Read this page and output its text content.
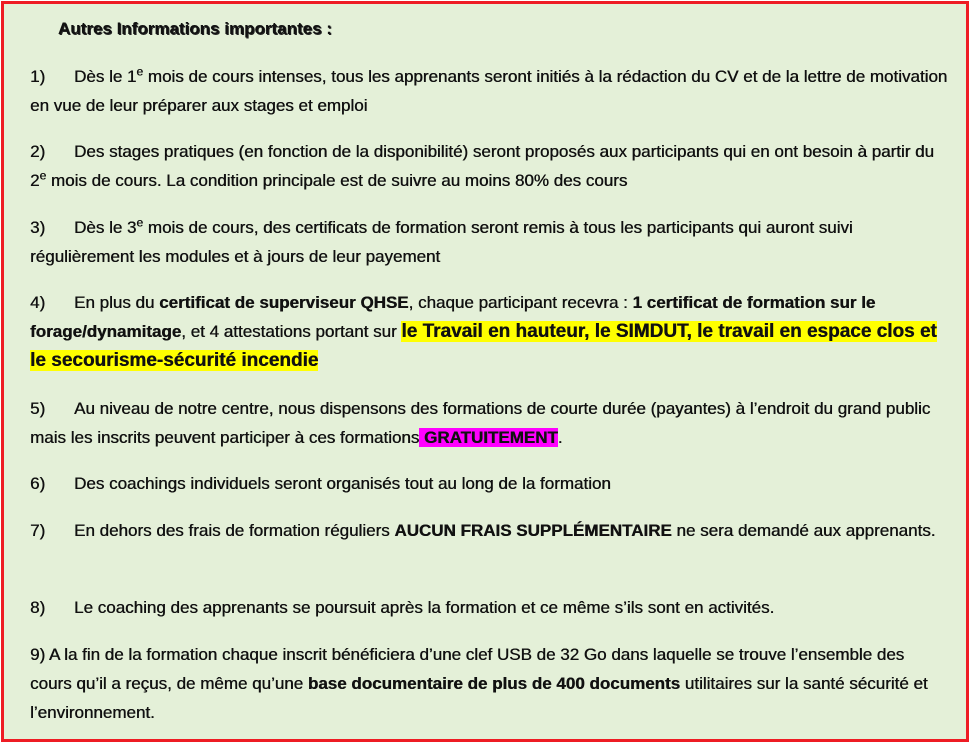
Autres Informations importantes :
1) Dès le 1e mois de cours intenses, tous les apprenants seront initiés à la rédaction du CV et de la lettre de motivation en vue de leur préparer aux stages et emploi
2) Des stages pratiques (en fonction de la disponibilité) seront proposés aux participants qui en ont besoin à partir du 2e mois de cours. La condition principale est de suivre au moins 80% des cours
3) Dès le 3e mois de cours, des certificats de formation seront remis à tous les participants qui auront suivi régulièrement les modules et à jours de leur payement
4) En plus du certificat de superviseur QHSE, chaque participant recevra : 1 certificat de formation sur le forage/dynamitage, et 4 attestations portant sur le Travail en hauteur, le SIMDUT, le travail en espace clos et le secourisme-sécurité incendie
5) Au niveau de notre centre, nous dispensons des formations de courte durée (payantes) à l’endroit du grand public mais les inscrits peuvent participer à ces formations GRATUITEMENT.
6) Des coachings individuels seront organisés tout au long de la formation
7) En dehors des frais de formation réguliers AUCUN FRAIS SUPPLÉMENTAIRE ne sera demandé aux apprenants.
8) Le coaching des apprenants se poursuit après la formation et ce même s’ils sont en activités.
9) A la fin de la formation chaque inscrit bénéficiera d’une clef USB de 32 Go dans laquelle se trouve l’ensemble des cours qu’il a reçus, de même qu’une base documentaire de plus de 400 documents utilitaires sur la santé sécurité et l’environnement.
